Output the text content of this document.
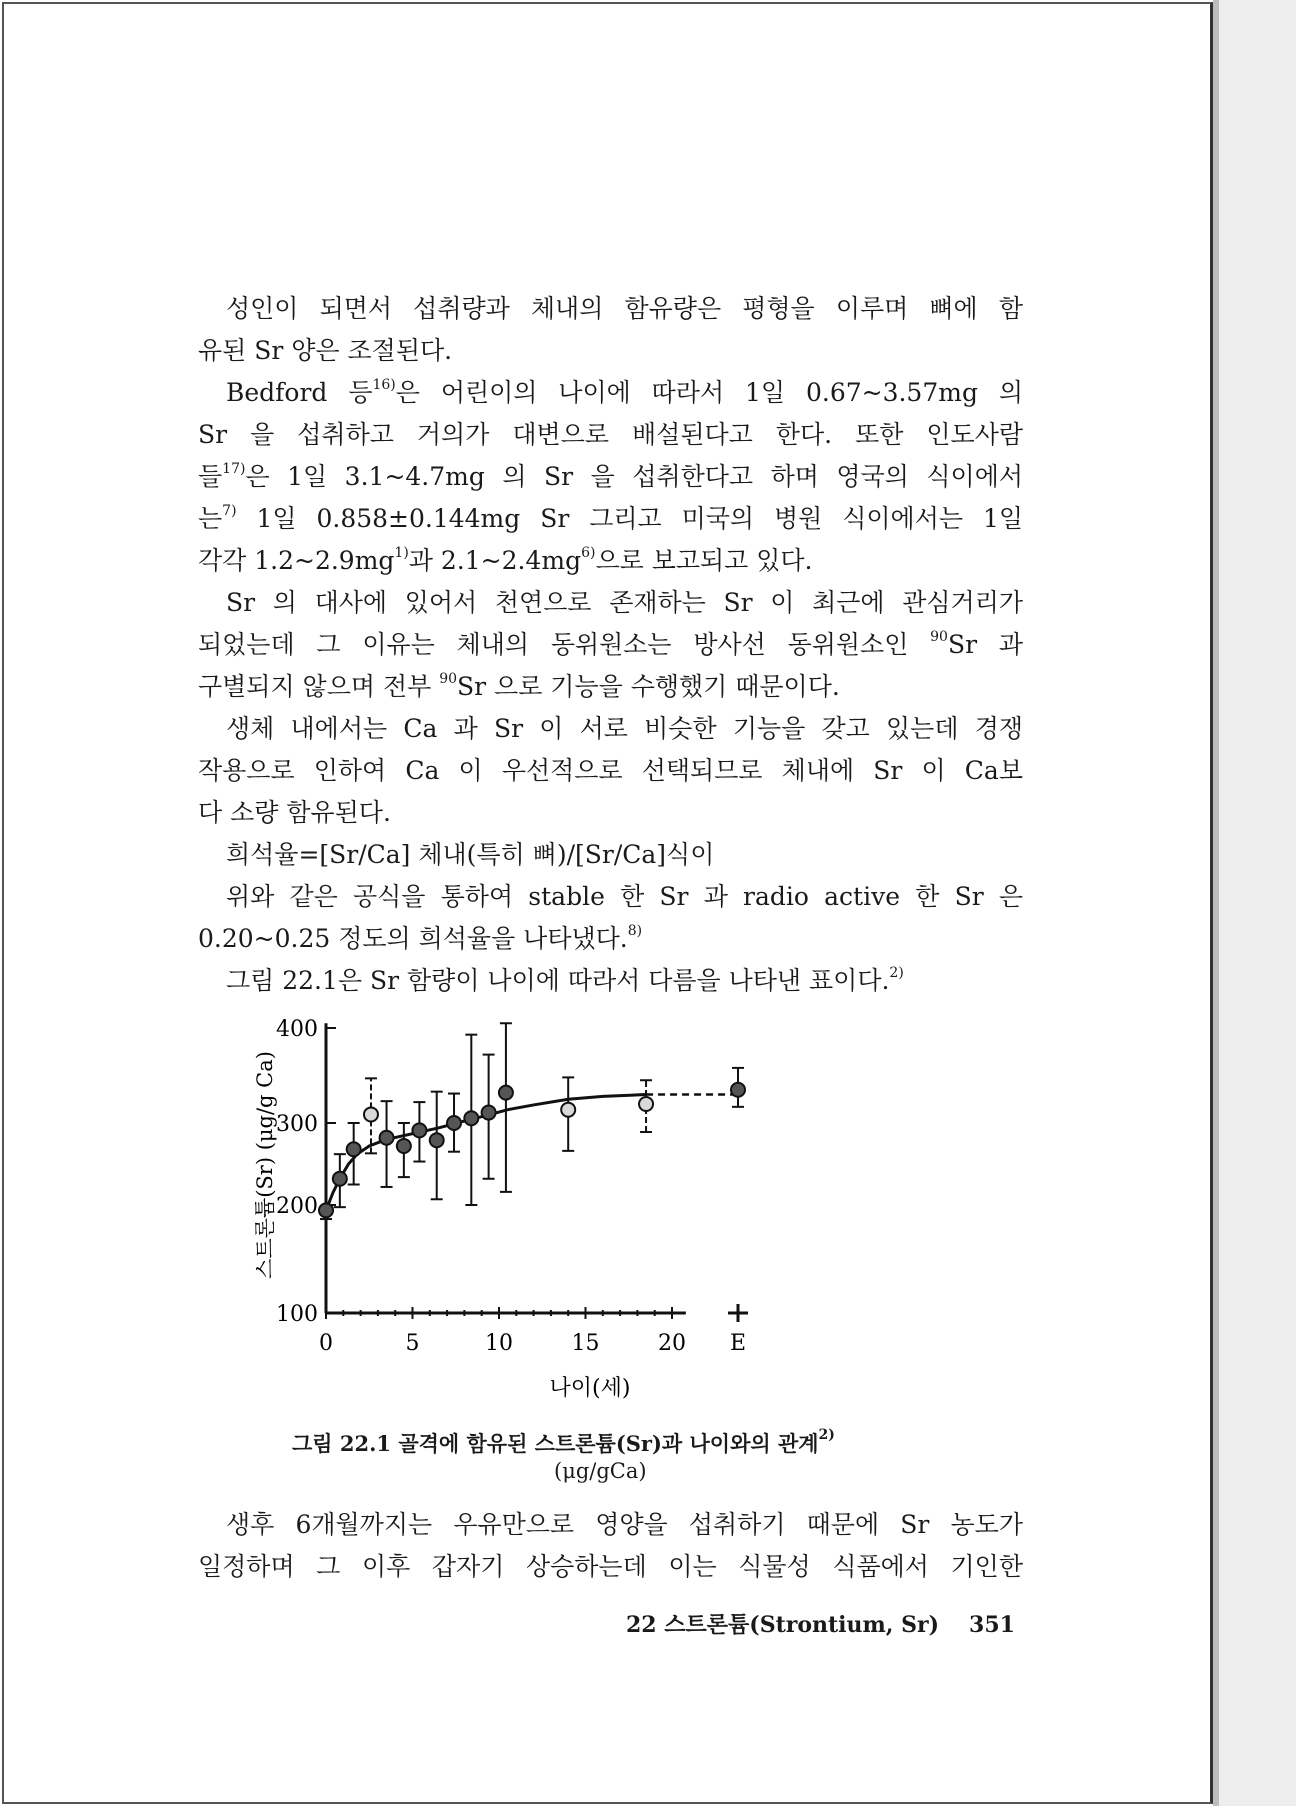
성인이 되면서 섭취량과 체내의 함유량은 평형을 이루며 뼈에 함
유된 Sr 양은 조절된다.
Bedford 등$^{16)}$은 어린이의 나이에 따라서 1일 0.67~3.57mg 의
Sr 을 섭취하고 거의가 대변으로 배설된다고 한다. 또한 인도사람
들$^{17)}$은 1일 3.1~4.7mg 의 Sr 을 섭취한다고 하며 영국의 식이에서
는$^{7)}$ 1일 0.858±0.144mg Sr 그리고 미국의 병원 식이에서는 1일
각각 $1.2\sim 2.9mg^{1)}$과 $2.1\sim 2.4mg^{6)}$으로 보고되고 있다.
Sr 의 대사에 있어서 천연으로 존재하는 Sr 이 최근에 관심거리가
되었는데 그 이유는 체내의 동위원소는 방사선 동위원소인 $^{90}$Sr 과
구별되지 않으며 전부 $^{90}$Sr 으로 기능을 수행했기 때문이다.
생체 내에서는 Ca 과 Sr 이 서로 비슷한 기능을 갖고 있는데 경쟁
작용으로 인하여 Ca 이 우선적으로 선택되므로 체내에 Sr 이 Ca보
다 소량 함유된다.
희석율=[Sr/Ca] 체내(특히 뼈)/[Sr/Ca]식이
위와 같은 공식을 통하여 stable 한 Sr 과 radio active 한 Sr 은
0.20~0.25 정도의 희석율을 나타냈다.$^{8)}$
그림 22.1은 Sr 함량이 나이에 따라서 다름을 나타낸 표이다.$^{2)}$
생후 6개월까지는 우유만으로 영양을 섭취하기 때문에 Sr 농도가
일정하며 그 이후 갑자기 상승하는데 이는 식물성 식품에서 기인한
100
200
300
400
0	5	10	15	20 E
나이(세)
스트론튬(Sr) (μg/g Ca)
그림 22.1 골격에 함유된 스트론튬(Sr)과 나이와의 관계$^{2)}$
(μg/gCa)
22 스트론튬(Strontium, Sr) 351
